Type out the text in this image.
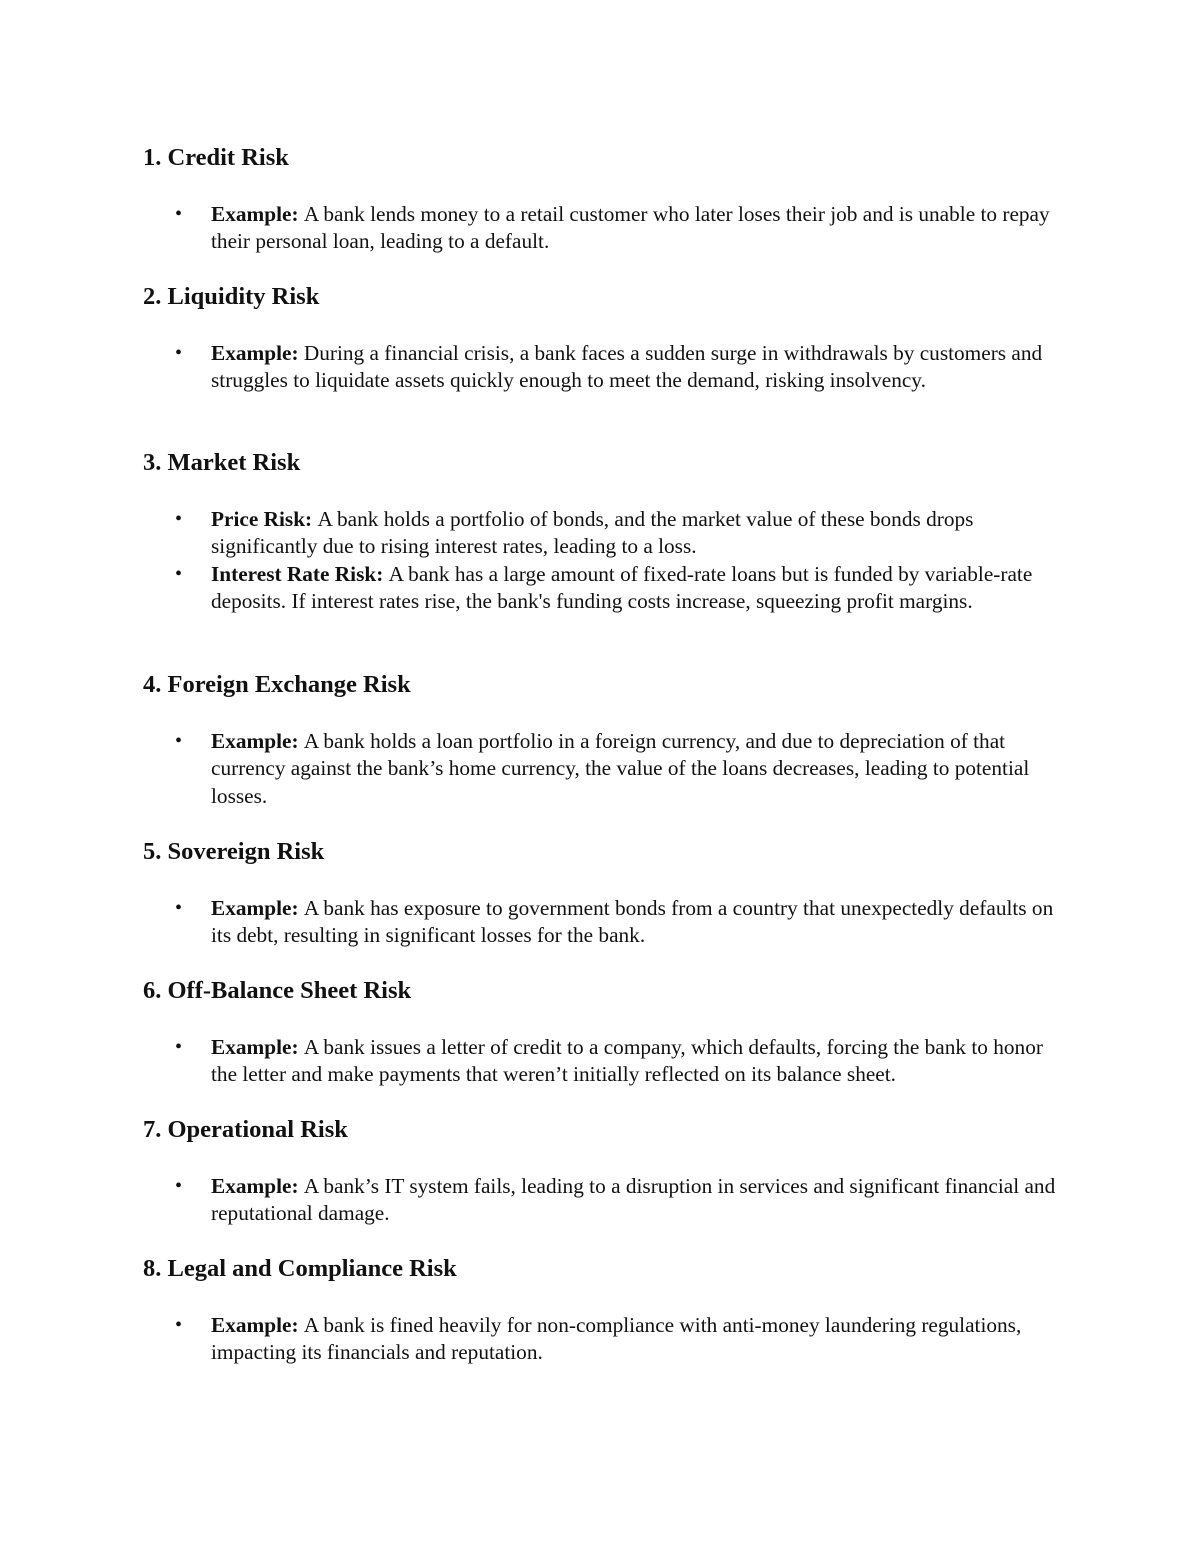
1. Credit Risk
• Example: A bank lends money to a retail customer who later loses their job and is unable to repay their personal loan, leading to a default.
2. Liquidity Risk
• Example: During a financial crisis, a bank faces a sudden surge in withdrawals by customers and struggles to liquidate assets quickly enough to meet the demand, risking insolvency.
3. Market Risk
• Price Risk: A bank holds a portfolio of bonds, and the market value of these bonds drops significantly due to rising interest rates, leading to a loss.
• Interest Rate Risk: A bank has a large amount of fixed-rate loans but is funded by variable-rate deposits. If interest rates rise, the bank's funding costs increase, squeezing profit margins.
4. Foreign Exchange Risk
• Example: A bank holds a loan portfolio in a foreign currency, and due to depreciation of that currency against the bank’s home currency, the value of the loans decreases, leading to potential losses.
5. Sovereign Risk
• Example: A bank has exposure to government bonds from a country that unexpectedly defaults on its debt, resulting in significant losses for the bank.
6. Off-Balance Sheet Risk
• Example: A bank issues a letter of credit to a company, which defaults, forcing the bank to honor the letter and make payments that weren’t initially reflected on its balance sheet.
7. Operational Risk
• Example: A bank’s IT system fails, leading to a disruption in services and significant financial and reputational damage.
8. Legal and Compliance Risk
• Example: A bank is fined heavily for non-compliance with anti-money laundering regulations, impacting its financials and reputation.
